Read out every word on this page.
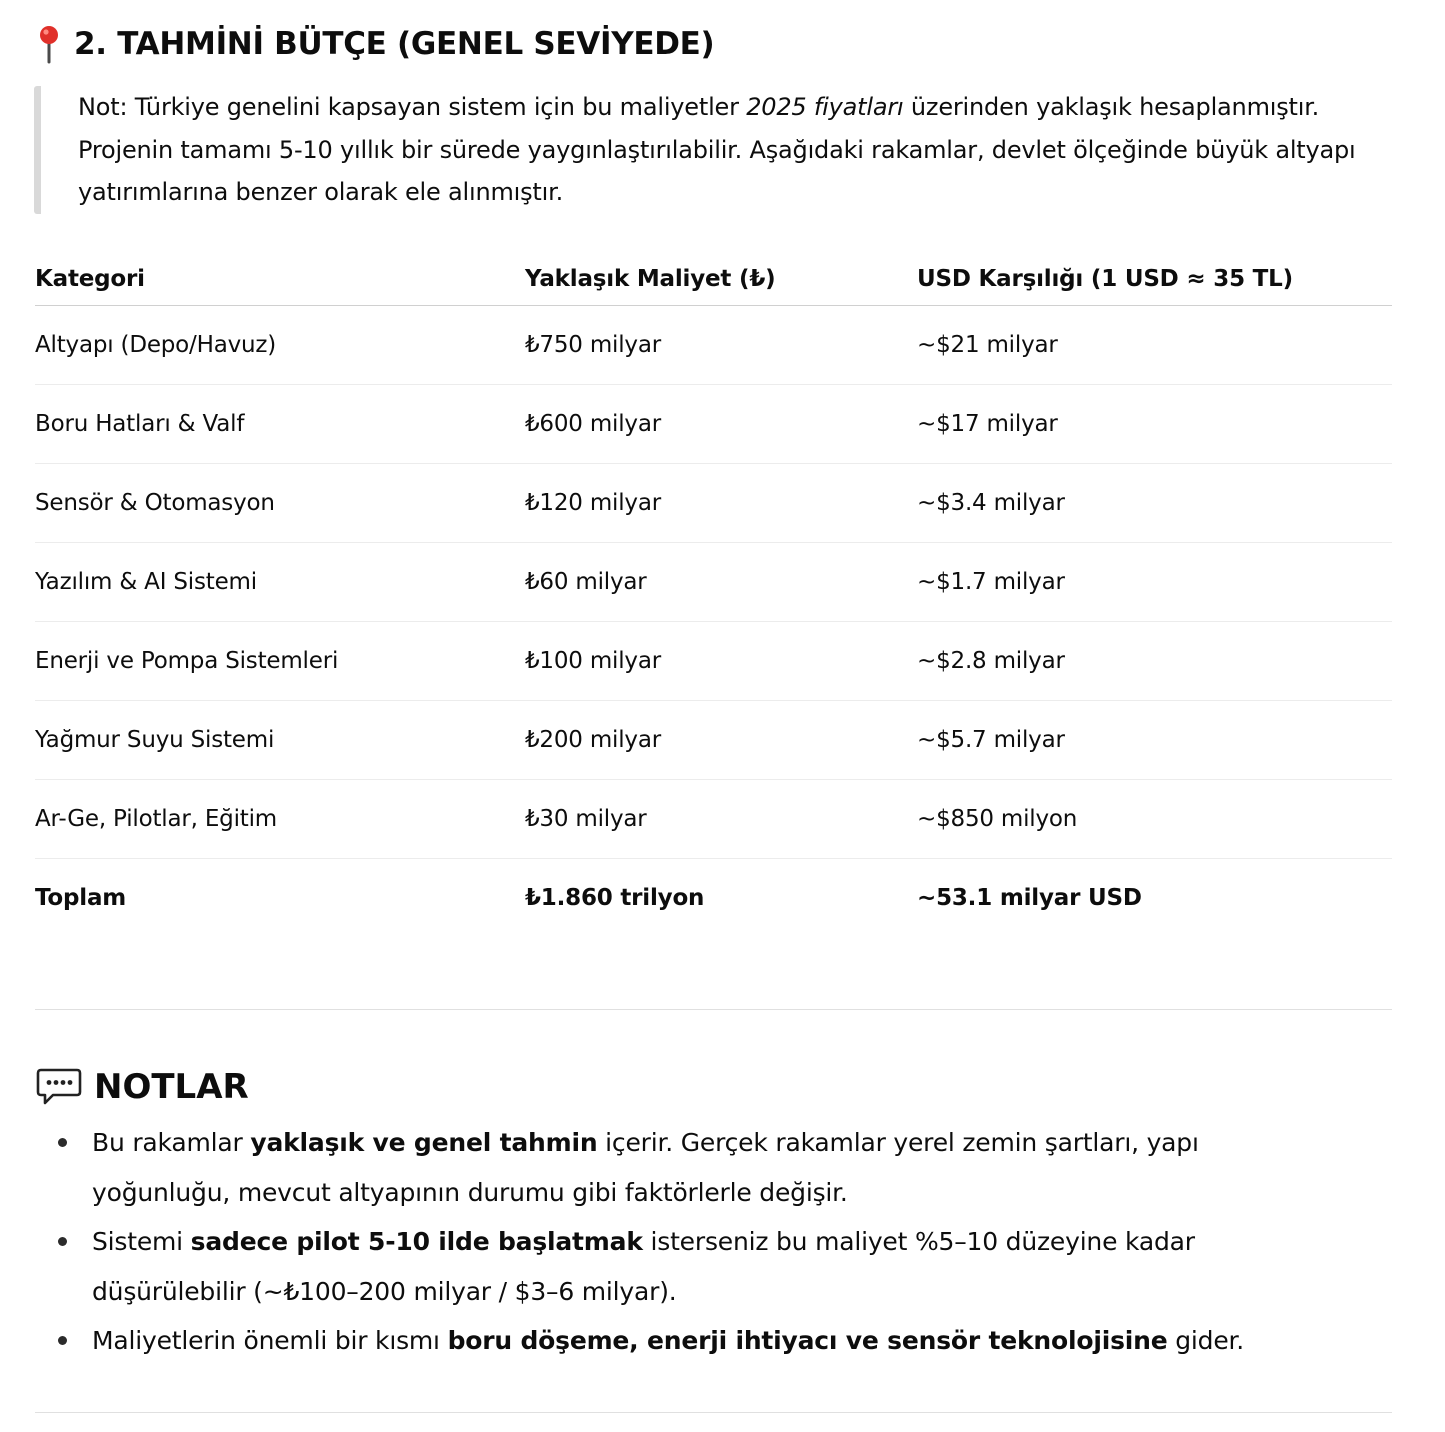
2. TAHMİNİ BÜTÇE (GENEL SEVİYEDE)

Not: Türkiye genelini kapsayan sistem için bu maliyetler 2025 fiyatları üzerinden yaklaşık hesaplanmıştır. Projenin tamamı 5-10 yıllık bir sürede yaygınlaştırılabilir. Aşağıdaki rakamlar, devlet ölçeğinde büyük altyapı yatırımlarına benzer olarak ele alınmıştır.

Kategori	Yaklaşık Maliyet (₺)	USD Karşılığı (1 USD ≈ 35 TL)
Altyapı (Depo/Havuz)	₺750 milyar	~$21 milyar
Boru Hatları & Valf	₺600 milyar	~$17 milyar
Sensör & Otomasyon	₺120 milyar	~$3.4 milyar
Yazılım & AI Sistemi	₺60 milyar	~$1.7 milyar
Enerji ve Pompa Sistemleri	₺100 milyar	~$2.8 milyar
Yağmur Suyu Sistemi	₺200 milyar	~$5.7 milyar
Ar-Ge, Pilotlar, Eğitim	₺30 milyar	~$850 milyon
Toplam	₺1.860 trilyon	~53.1 milyar USD
NOTLAR
Bu rakamlar yaklaşık ve genel tahmin içerir. Gerçek rakamlar yerel zemin şartları, yapı yoğunluğu, mevcut altyapının durumu gibi faktörlerle değişir.
Sistemi sadece pilot 5-10 ilde başlatmak isterseniz bu maliyet %5–10 düzeyine kadar düşürülebilir (~₺100–200 milyar / $3–6 milyar).
Maliyetlerin önemli bir kısmı boru döşeme, enerji ihtiyacı ve sensör teknolojisine gider.
